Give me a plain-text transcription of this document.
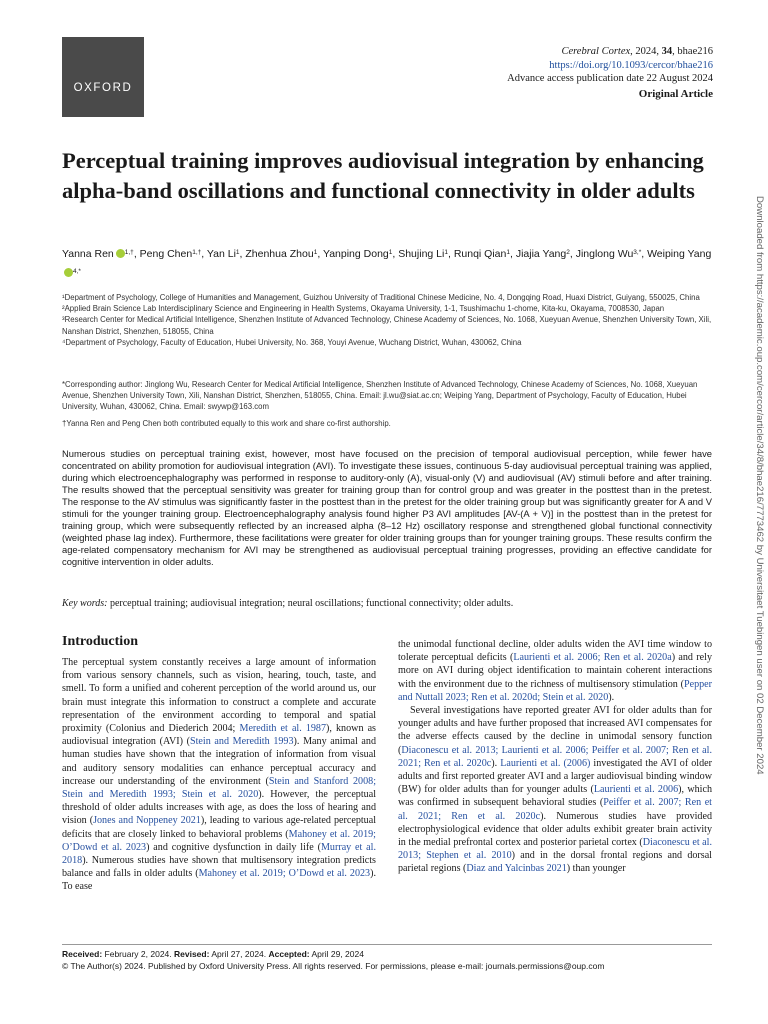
OXFORD
Cerebral Cortex, 2024, 34, bhae216
https://doi.org/10.1093/cercor/bhae216
Advance access publication date 22 August 2024
Original Article
Perceptual training improves audiovisual integration by enhancing alpha-band oscillations and functional connectivity in older adults
Yanna Ren $^{1,\dagger}$, Peng Chen$^{1,\dagger}$, Yan Li$^1$, Zhenhua Zhou$^1$, Yanping Dong$^1$, Shujing Li$^1$, Runqi Qian$^1$, Jiajia Yang$^2$, Jinglong $Wu^{3,*}$, Weiping Yang$^{4,*}$

¹Department of Psychology, College of Humanities and Management, Guizhou University of Traditional Chinese Medicine, No. 4, Dongqing Road, Huaxi District, Guiyang, 550025, China

²Applied Brain Science Lab Interdisciplinary Science and Engineering in Health Systems, Okayama University, 1-1, Tsushimachu 1-chome, Kita-ku, Okayama, 7008530, Japan

³Research Center for Medical Artificial Intelligence, Shenzhen Institute of Advanced Technology, Chinese Academy of Sciences, No. 1068, Xueyuan Avenue, Shenzhen University Town, Xili, Nanshan District, Shenzhen, 518055, China

⁴Department of Psychology, Faculty of Education, Hubei University, No. 368, Youyi Avenue, Wuchang District, Wuhan, 430062, China

*Corresponding author: Jinglong Wu, Research Center for Medical Artificial Intelligence, Shenzhen Institute of Advanced Technology, Chinese Academy of Sciences, No. 1068, Xueyuan Avenue, Shenzhen University Town, Xili, Nanshan District, Shenzhen, 518055, China. Email: jl.wu@siat.ac.cn; Weiping Yang, Department of Psychology, Faculty of Education, Hubei University, Wuhan, 430062, China. Email: swywp@163.com

†Yanna Ren and Peng Chen both contributed equally to this work and share co-first authorship.

Numerous studies on perceptual training exist, however, most have focused on the precision of temporal audiovisual perception, while fewer have concentrated on ability promotion for audiovisual integration (AVI). To investigate these issues, continuous 5-day audiovisual perceptual training was applied, during which electroencephalography was performed in response to auditory-only (A), visual-only (V) and audiovisual (AV) stimuli before and after training. The results showed that the perceptual sensitivity was greater for training group than for control group and was greater in the posttest than in the pretest. The response to the AV stimulus was significantly faster in the posttest than in the pretest for the older training group but was significantly greater for A and V stimuli for the younger training group. Electroencephalography analysis found higher P3 AVI amplitudes [AV-(A + V)] in the posttest than in the pretest for training group, which were subsequently reflected by an increased alpha (8–12 Hz) oscillatory response and strengthened global functional connectivity (weighted phase lag index). Furthermore, these facilitations were greater for older training groups than for younger training groups. These results confirm the age-related compensatory mechanism for AVI may be strengthened as audiovisual perceptual training progresses, providing an effective candidate for cognitive intervention in older adults.
Key words: perceptual training; audiovisual integration; neural oscillations; functional connectivity; older adults.
Introduction

The perceptual system constantly receives a large amount of information from various sensory channels, such as vision, hearing, touch, taste, and smell. To form a unified and coherent perception of the world around us, our brain must integrate this information to construct a complete and accurate representation of the environment according to temporal and spatial proximity (Colonius and Diederich 2004; Meredith et al. 1987), known as audiovisual integration (AVI) (Stein and Meredith 1993). Many animal and human studies have shown that the integration of information from visual and auditory sensory modalities can enhance perceptual accuracy and increase our understanding of the environment (Stein and Stanford 2008; Stein and Meredith 1993; Stein et al. 2020). However, the perceptual threshold of older adults increases with age, as does the loss of hearing and vision (Jones and Noppeney 2021), leading to various age-related perceptual deficits that are closely linked to behavioral problems (Mahoney et al. 2019; O’Dowd et al. 2023) and cognitive dysfunction in daily life (Murray et al. 2018). Numerous studies have shown that multisensory integration predicts balance and falls in older adults (Mahoney et al. 2019; O’Dowd et al. 2023). To ease

the unimodal functional decline, older adults widen the AVI time window to tolerate perceptual deficits (Laurienti et al. 2006; Ren et al. 2020a) and rely more on AVI during object identification to maintain coherent interactions with the environment due to the richness of multisensory stimulation (Pepper and Nuttall 2023; Ren et al. 2020d; Stein et al. 2020).

Several investigations have reported greater AVI for older adults than for younger adults and have further proposed that increased AVI compensates for the adverse effects caused by the decline in unimodal sensory function (Diaconescu et al. 2013; Laurienti et al. 2006; Peiffer et al. 2007; Ren et al. 2021; Ren et al. 2020c). Laurienti et al. (2006) investigated the AVI of older adults and first reported greater AVI and a larger audiovisual binding window (BW) for older adults than for younger adults (Laurienti et al. 2006), which was confirmed in subsequent behavioral studies (Peiffer et al. 2007; Ren et al. 2021; Ren et al. 2020c). Numerous studies have provided electrophysiological evidence that older adults exhibit greater brain activity in the medial prefrontal cortex and posterior parietal cortex (Diaconescu et al. 2013; Stephen et al. 2010) and in the dorsal frontal regions and dorsal parietal regions (Diaz and Yalcinbas 2021) than younger

Received: February 2, 2024. Revised: April 27, 2024. Accepted: April 29, 2024
© The Author(s) 2024. Published by Oxford University Press. All rights reserved. For permissions, please e-mail: journals.permissions@oup.com
Downloaded from https://academic.oup.com/cercor/article/34/8/bhae216/7773462 by Universitaet Tuebingen user on 02 December 2024
